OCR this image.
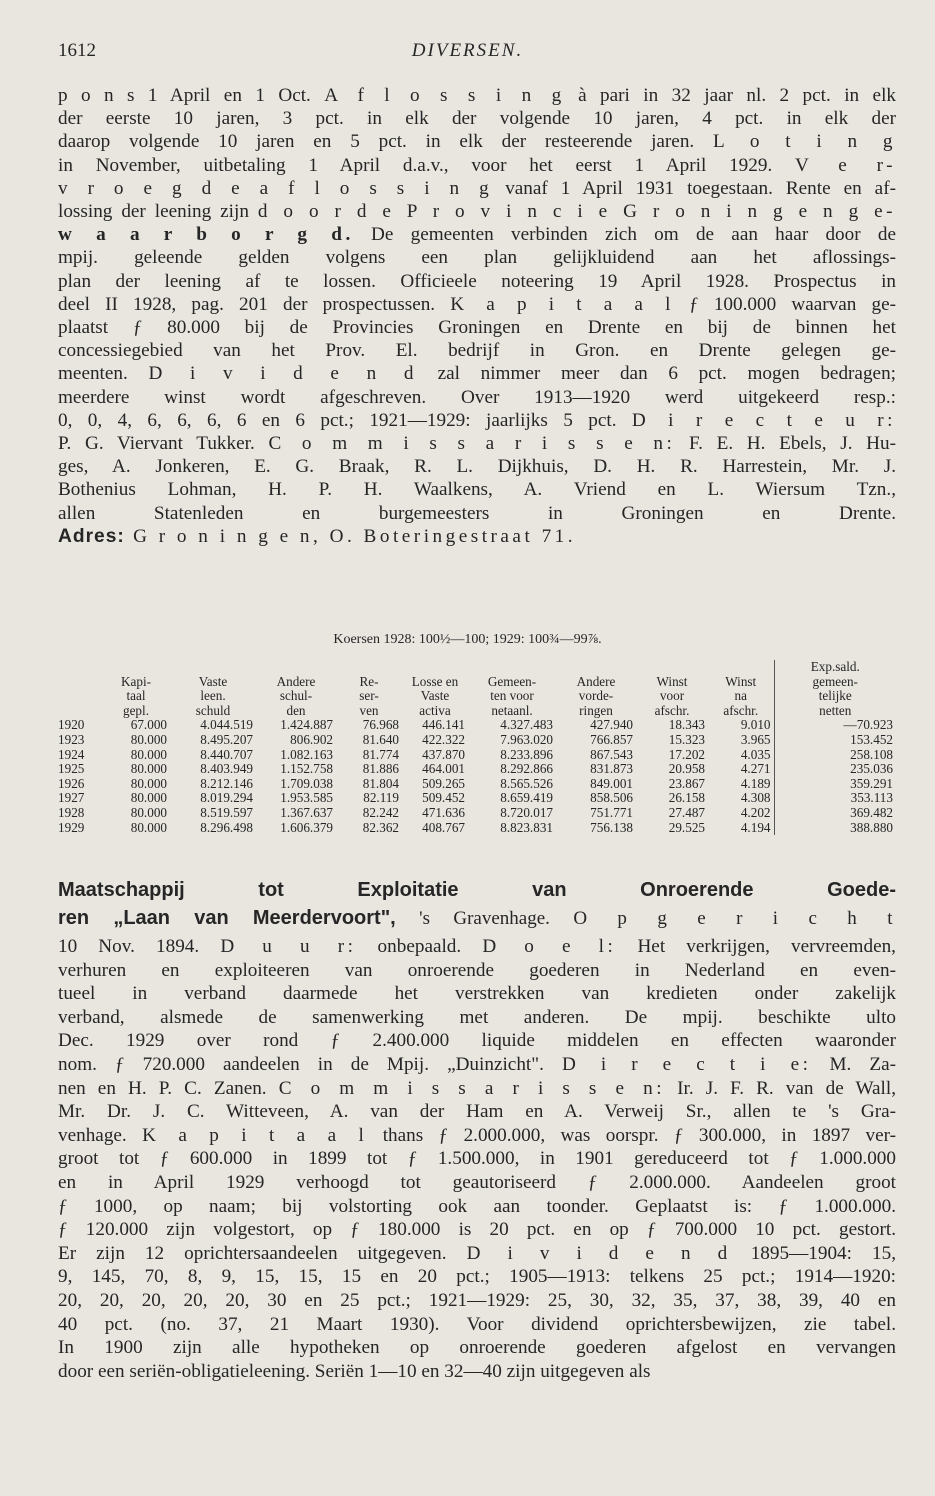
1612	DIVERSEN.
p o n s 1 April en 1 Oct. A f l o s s i n g à pari in 32 jaar nl. 2 pct. in elk
der eerste 10 jaren, 3 pct. in elk der volgende 10 jaren, 4 pct. in elk der
daarop volgende 10 jaren en 5 pct. in elk der resteerende jaren. L o t i n g
in November, uitbetaling 1 April d.a.v., voor het eerst 1 April 1929. V e r-
v r o e g d e a f l o s s i n g vanaf 1 April 1931 toegestaan. Rente en af-
lossing der leening zijn d o o r d e P r o v i n c i e G r o n i n g e n g e-
w a a r b o r g d. De gemeenten verbinden zich om de aan haar door de
mpij. geleende gelden volgens een plan gelijkluidend aan het aflossings-
plan der leening af te lossen. Officieele noteering 19 April 1928. Prospectus in
deel II 1928, pag. 201 der prospectussen. K a p i t a a l ƒ 100.000 waarvan ge-
plaatst ƒ 80.000 bij de Provincies Groningen en Drente en bij de binnen het
concessiegebied van het Prov. El. bedrijf in Gron. en Drente gelegen ge-
meenten. D i v i d e n d zal nimmer meer dan 6 pct. mogen bedragen;
meerdere winst wordt afgeschreven. Over 1913—1920 werd uitgekeerd resp.:
0, 0, 4, 6, 6, 6, 6 en 6 pct.; 1921—1929: jaarlijks 5 pct. D i r e c t e u r:
P. G. Viervant Tukker. C o m m i s s a r i s s e n: F. E. H. Ebels, J. Hu-
ges, A. Jonkeren, E. G. Braak, R. L. Dijkhuis, D. H. R. Harrestein, Mr. J.
Bothenius Lohman, H. P. H. Waalkens, A. Vriend en L. Wiersum Tzn.,
allen Statenleden en burgemeesters in Groningen en Drente.
Adres: G r o n i n g e n, O. Boteringestraat 71.
Koersen 1928: 100½—100; 1929: 100¾—99⅞.
										Exp.sald.
	Kapi-	Vaste	Andere	Re-	Losse en	Gemeen-	Andere	Winst	Winst	gemeen-
	taal	leen.	schul-	ser-	Vaste	ten voor	vorde-	voor	na	telijke
	gepl.	schuld	den	ven	activa	netaanl.	ringen	afschr.	afschr.	netten
1920	67.000	4.044.519	1.424.887	76.968	446.141	4.327.483	427.940	18.343	9.010	—70.923
1923	80.000	8.495.207	806.902	81.640	422.322	7.963.020	766.857	15.323	3.965	153.452
1924	80.000	8.440.707	1.082.163	81.774	437.870	8.233.896	867.543	17.202	4.035	258.108
1925	80.000	8.403.949	1.152.758	81.886	464.001	8.292.866	831.873	20.958	4.271	235.036
1926	80.000	8.212.146	1.709.038	81.804	509.265	8.565.526	849.001	23.867	4.189	359.291
1927	80.000	8.019.294	1.953.585	82.119	509.452	8.659.419	858.506	26.158	4.308	353.113
1928	80.000	8.519.597	1.367.637	82.242	471.636	8.720.017	751.771	27.487	4.202	369.482
1929	80.000	8.296.498	1.606.379	82.362	408.767	8.823.831	756.138	29.525	4.194	388.880
Maatschappij tot Exploitatie van Onroerende Goede-
ren „Laan van Meerdervoort", 's Gravenhage. O p g e r i c h t
10 Nov. 1894. D u u r: onbepaald. D o e l: Het verkrijgen, vervreemden,
verhuren en exploiteeren van onroerende goederen in Nederland en even-
tueel in verband daarmede het verstrekken van kredieten onder zakelijk
verband, alsmede de samenwerking met anderen. De mpij. beschikte ulto
Dec. 1929 over rond ƒ 2.400.000 liquide middelen en effecten waaronder
nom. ƒ 720.000 aandeelen in de Mpij. „Duinzicht". D i r e c t i e: M. Za-
nen en H. P. C. Zanen. C o m m i s s a r i s s e n: Ir. J. F. R. van de Wall,
Mr. Dr. J. C. Witteveen, A. van der Ham en A. Verweij Sr., allen te 's Gra-
venhage. K a p i t a a l thans ƒ 2.000.000, was oorspr. ƒ 300.000, in 1897 ver-
groot tot ƒ 600.000 in 1899 tot ƒ 1.500.000, in 1901 gereduceerd tot ƒ 1.000.000
en in April 1929 verhoogd tot geautoriseerd ƒ 2.000.000. Aandeelen groot
ƒ 1000, op naam; bij volstorting ook aan toonder. Geplaatst is: ƒ 1.000.000.
ƒ 120.000 zijn volgestort, op ƒ 180.000 is 20 pct. en op ƒ 700.000 10 pct. gestort.
Er zijn 12 oprichtersaandeelen uitgegeven. D i v i d e n d 1895—1904: 15,
9, 145, 70, 8, 9, 15, 15, 15 en 20 pct.; 1905—1913: telkens 25 pct.; 1914—1920:
20, 20, 20, 20, 20, 30 en 25 pct.; 1921—1929: 25, 30, 32, 35, 37, 38, 39, 40 en
40 pct. (no. 37, 21 Maart 1930). Voor dividend oprichtersbewijzen, zie tabel.
In 1900 zijn alle hypotheken op onroerende goederen afgelost en vervangen
door een seriën-obligatieleening. Seriën 1—10 en 32—40 zijn uitgegeven als
